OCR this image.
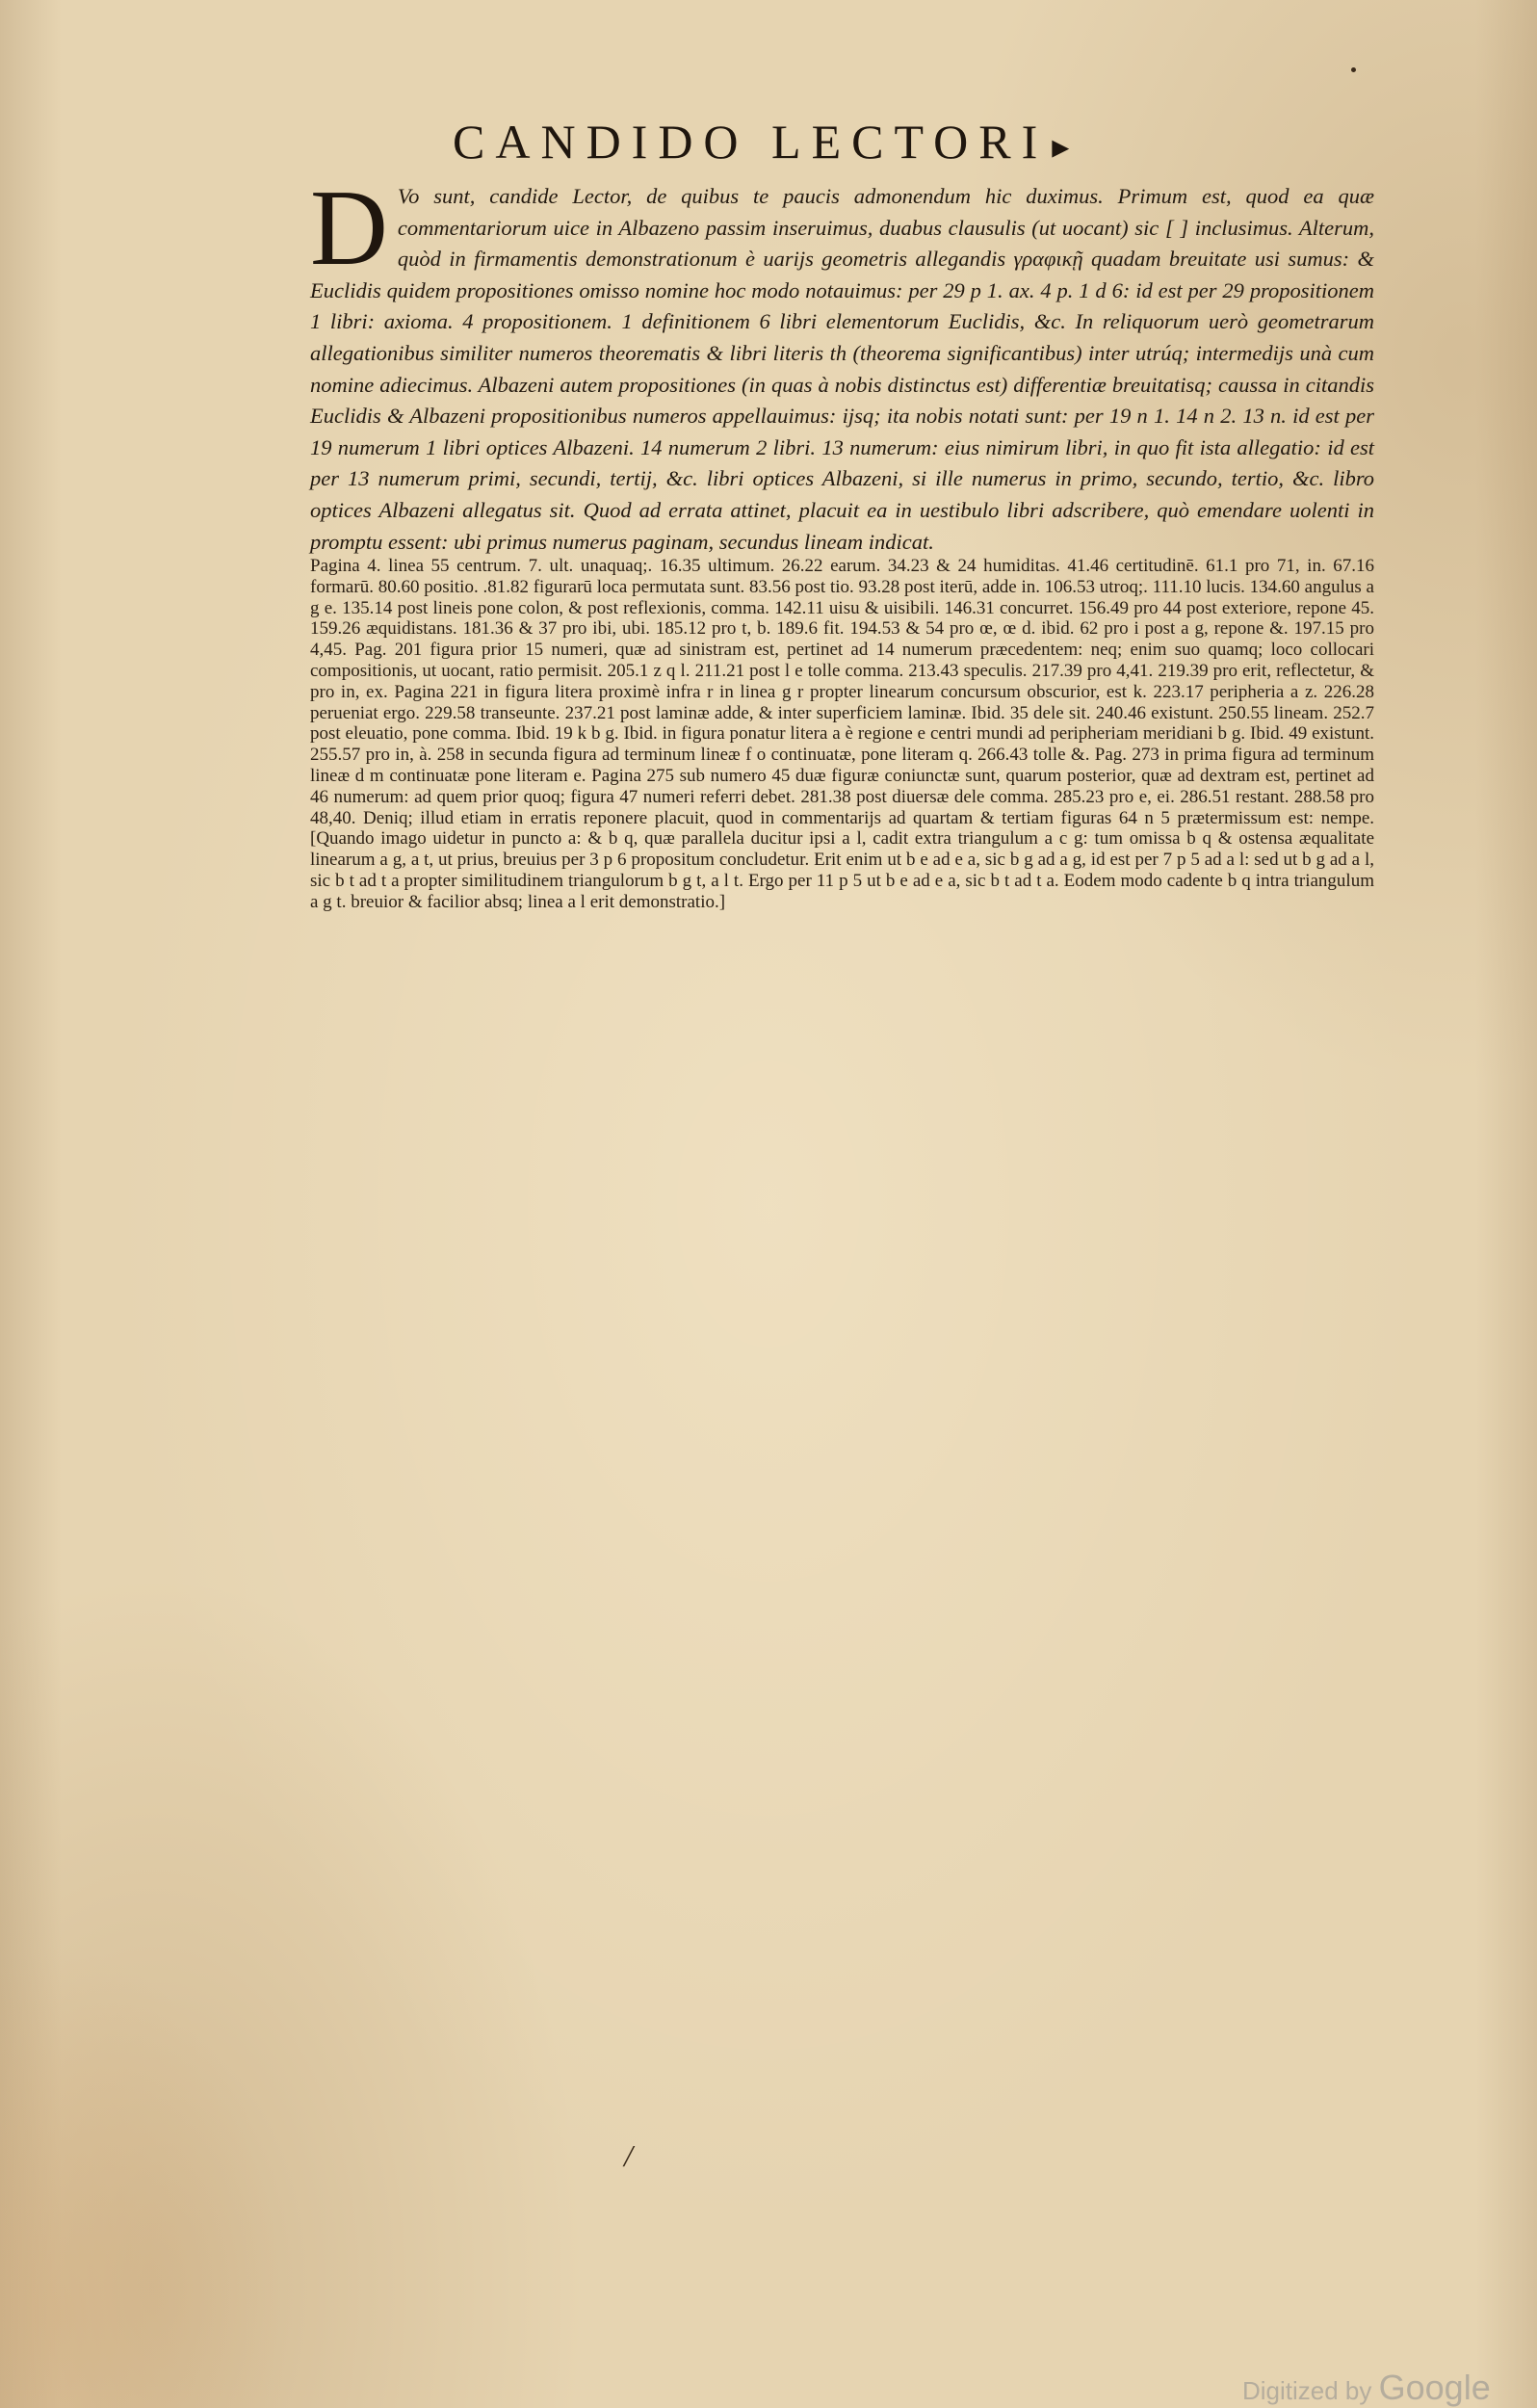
CANDIDO LECTORI ▸
D Vo sunt, candide Lector, de quibus te paucis admonendum hic duximus. Primum est, quod ea quæ commentariorum uice in Albazeno passim inseruimus, duabus clausulis (ut uocant) sic [ ] inclusimus. Alterum, quòd in firmamentis demonstrationum è uarijs geometris allegandis γραφικῇ quadam breuitate usi sumus: & Euclidis quidem propositiones omisso nomine hoc modo notauimus: per 29 p 1. ax. 4 p. 1 d 6: id est per 29 propositionem 1 libri: axioma. 4 propositionem. 1 definitionem 6 libri elementorum Euclidis, &c. In reliquorum uerò geometrarum allegationibus similiter numeros theorematis & libri literis th (theorema significantibus) inter utrúq; intermedijs unà cum nomine adiecimus. Albazeni autem propositiones (in quas à nobis distinctus est) differentiæ breuitatisq; caussa in citandis Euclidis & Albazeni propositionibus numeros appellauimus: ijsq; ita nobis notati sunt: per 19 n 1. 14 n 2. 13 n. id est per 19 numerum 1 libri optices Albazeni. 14 numerum 2 libri. 13 numerum: eius nimirum libri, in quo fit ista allegatio: id est per 13 numerum primi, secundi, tertij, &c. libri optices Albazeni, si ille numerus in primo, secundo, tertio, &c. libro optices Albazeni allegatus sit. Quod ad errata attinet, placuit ea in uestibulo libri adscribere, quò emendare uolenti in promptu essent: ubi primus numerus paginam, secundus lineam indicat.
Pagina 4. linea 55 centrum. 7. ult. unaquaq;. 16.35 ultimum. 26.22 earum. 34.23 & 24 humiditas. 41.46 certitudinē. 61.1 pro 71, in. 67.16 formarū. 80.60 positio. .81.82 figurarū loca permutata sunt. 83.56 post tio. 93.28 post iterū, adde in. 106.53 utroq;. 111.10 lucis. 134.60 angulus a g e. 135.14 post lineis pone colon, & post reflexionis, comma. 142.11 uisu & uisibili. 146.31 concurret. 156.49 pro 44 post exteriore, repone 45. 159.26 æquidistans. 181.36 & 37 pro ibi, ubi. 185.12 pro t, b. 189.6 fit. 194.53 & 54 pro œ, œ d. ibid. 62 pro i post a g, repone &. 197.15 pro 4,45. Pag. 201 figura prior 15 numeri, quæ ad sinistram est, pertinet ad 14 numerum præcedentem: neq; enim suo quamq; loco collocari compositionis, ut uocant, ratio permisit. 205.1 z q l. 211.21 post l e tolle comma. 213.43 speculis. 217.39 pro 4,41. 219.39 pro erit, reflectetur, & pro in, ex. Pagina 221 in figura litera proximè infra r in linea g r propter linearum concursum obscurior, est k. 223.17 peripheria a z. 226.28 perueniat ergo. 229.58 transeunte. 237.21 post laminæ adde, & inter superficiem laminæ. Ibid. 35 dele sit. 240.46 existunt. 250.55 lineam. 252.7 post eleuatio, pone comma. Ibid. 19 k b g. Ibid. in figura ponatur litera a è regione e centri mundi ad peripheriam meridiani b g. Ibid. 49 existunt. 255.57 pro in, à. 258 in secunda figura ad terminum lineæ f o continuatæ, pone literam q. 266.43 tolle &. Pag. 273 in prima figura ad terminum lineæ d m continuatæ pone literam e. Pagina 275 sub numero 45 duæ figuræ coniunctæ sunt, quarum posterior, quæ ad dextram est, pertinet ad 46 numerum: ad quem prior quoq; figura 47 numeri referri debet. 281.38 post diuersæ dele comma. 285.23 pro e, ei. 286.51 restant. 288.58 pro 48,40. Deniq; illud etiam in erratis reponere placuit, quod in commentarijs ad quartam & tertiam figuras 64 n 5 prætermissum est: nempe. [Quando imago uidetur in puncto a: & b q, quæ parallela ducitur ipsi a l, cadit extra triangulum a c g: tum omissa b q & ostensa æqualitate linearum a g, a t, ut prius, breuius per 3 p 6 propositum concludetur. Erit enim ut b e ad e a, sic b g ad a g, id est per 7 p 5 ad a l: sed ut b g ad a l, sic b t ad t a propter similitudinem triangulorum b g t, a l t. Ergo per 11 p 5 ut b e ad e a, sic b t ad t a. Eodem modo cadente b q intra triangulum a g t. breuior & facilior absq; linea a l erit demonstratio.]
/
Digitized by Google
